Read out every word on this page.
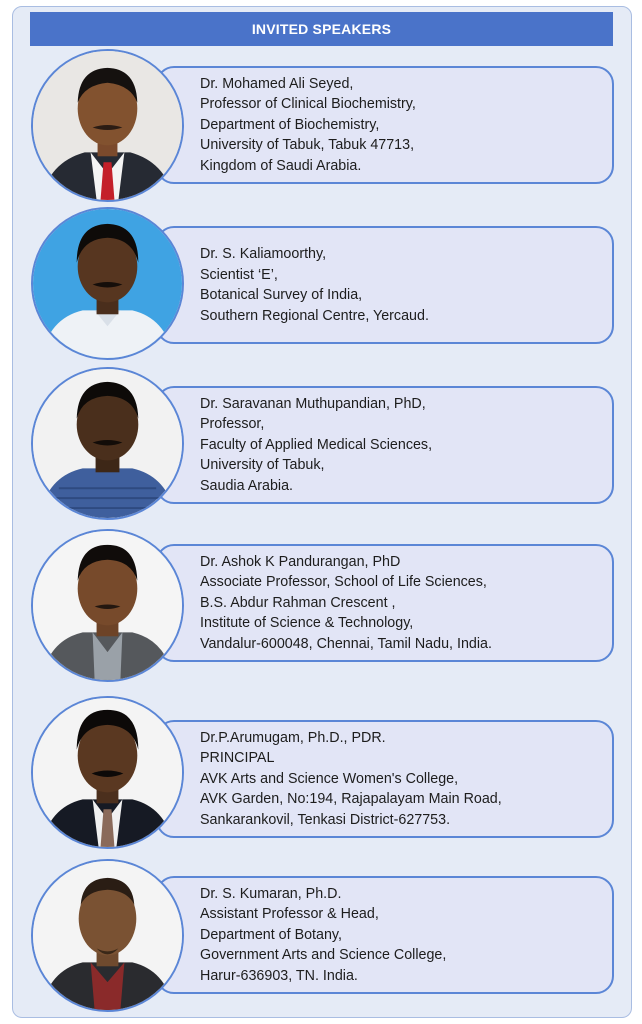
INVITED SPEAKERS
Dr. Mohamed Ali Seyed,
Professor of Clinical Biochemistry,
Department of Biochemistry,
University of Tabuk, Tabuk 47713,
Kingdom of Saudi Arabia.
Dr. S. Kaliamoorthy,
Scientist ‘E’,
Botanical Survey of India,
Southern Regional Centre, Yercaud.
Dr. Saravanan Muthupandian, PhD,
Professor,
Faculty of Applied Medical Sciences,
University of Tabuk,
Saudia Arabia.
Dr. Ashok K Pandurangan, PhD
Associate Professor, School of Life Sciences,
B.S. Abdur Rahman Crescent ,
Institute of Science & Technology,
Vandalur-600048, Chennai, Tamil Nadu, India.
Dr.P.Arumugam, Ph.D., PDR.
PRINCIPAL
AVK Arts and Science Women's College,
AVK Garden, No:194, Rajapalayam Main Road,
Sankarankovil, Tenkasi District-627753.
Dr. S. Kumaran, Ph.D.
Assistant Professor & Head,
Department of Botany,
Government Arts and Science College,
Harur-636903, TN. India.
